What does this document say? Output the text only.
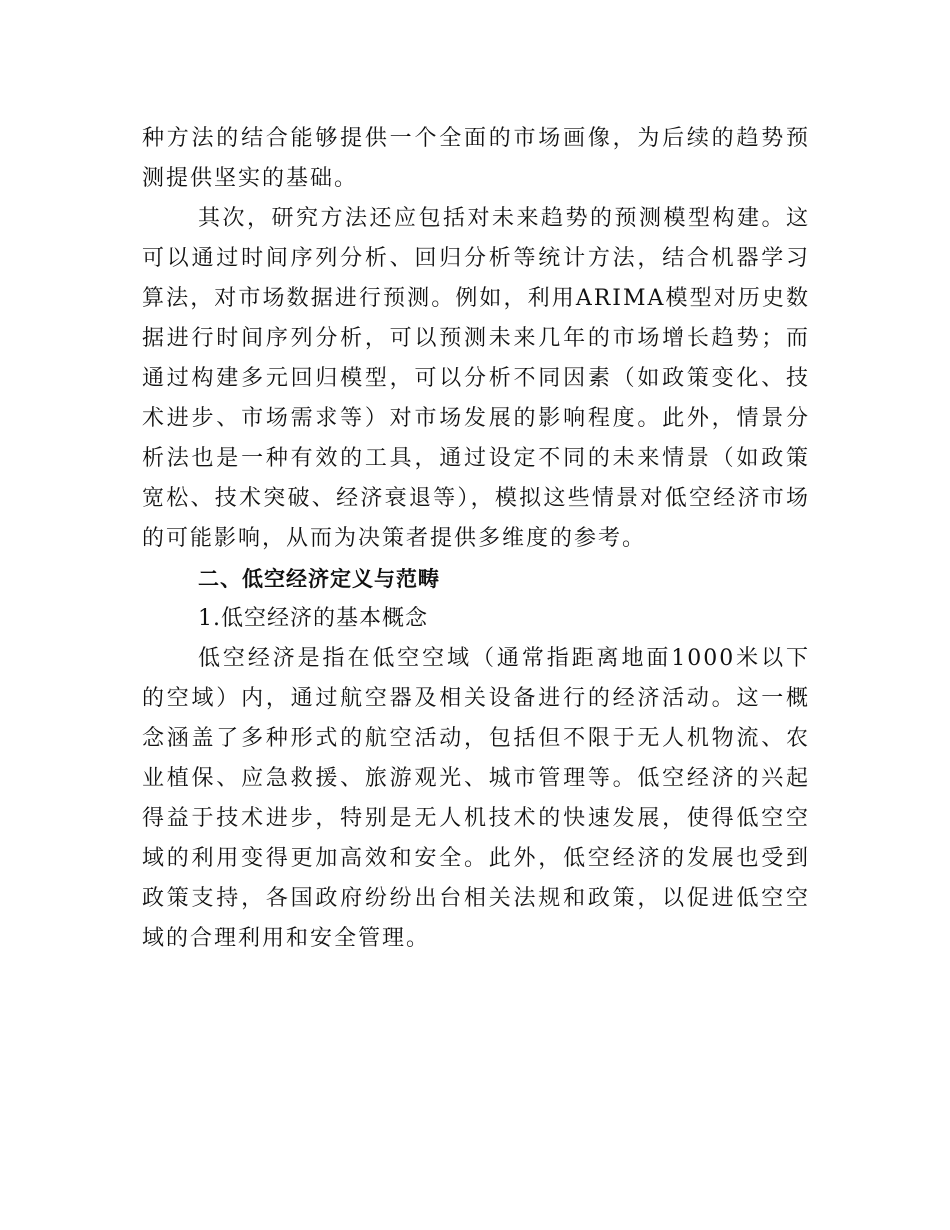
种方法的结合能够提供一个全面的市场画像，为后续的趋势预测提供坚实的基础。

其次，研究方法还应包括对未来趋势的预测模型构建。这可以通过时间序列分析、回归分析等统计方法，结合机器学习算法，对市场数据进行预测。例如，利用ARIMA模型对历史数据进行时间序列分析，可以预测未来几年的市场增长趋势；而通过构建多元回归模型，可以分析不同因素（如政策变化、技术进步、市场需求等）对市场发展的影响程度。此外，情景分析法也是一种有效的工具，通过设定不同的未来情景（如政策宽松、技术突破、经济衰退等），模拟这些情景对低空经济市场的可能影响，从而为决策者提供多维度的参考。

二、低空经济定义与范畴

1.低空经济的基本概念

低空经济是指在低空空域（通常指距离地面1000米以下的空域）内，通过航空器及相关设备进行的经济活动。这一概念涵盖了多种形式的航空活动，包括但不限于无人机物流、农业植保、应急救援、旅游观光、城市管理等。低空经济的兴起得益于技术进步，特别是无人机技术的快速发展，使得低空空域的利用变得更加高效和安全。此外，低空经济的发展也受到政策支持，各国政府纷纷出台相关法规和政策，以促进低空空域的合理利用和安全管理。
